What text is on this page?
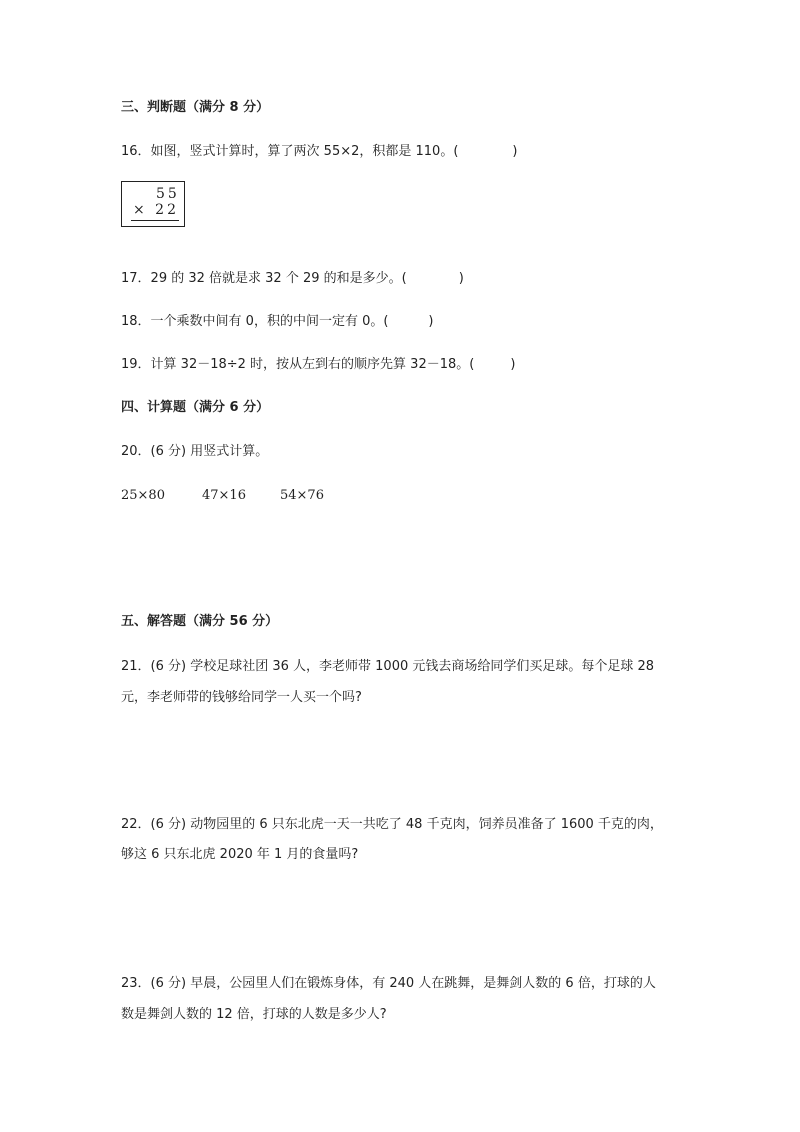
三、判断题（满分 8 分）
16．如图，竖式计算时，算了两次 55×2，积都是 110。(	)
55
× 22
17．29 的 32 倍就是求 32 个 29 的和是多少。(	)
18．一个乘数中间有 0，积的中间一定有 0。(	)
19．计算 32－18÷2 时，按从左到右的顺序先算 32－18。(	)
四、计算题（满分 6 分）
20．(6 分) 用竖式计算。
25×80	47×16	54×76
五、解答题（满分 56 分）
21．(6 分) 学校足球社团 36 人，李老师带 1000 元钱去商场给同学们买足球。每个足球 28
元，李老师带的钱够给同学一人买一个吗?
22．(6 分) 动物园里的 6 只东北虎一天一共吃了 48 千克肉，饲养员准备了 1600 千克的肉，
够这 6 只东北虎 2020 年 1 月的食量吗?
23．(6 分) 早晨，公园里人们在锻炼身体，有 240 人在跳舞，是舞剑人数的 6 倍，打球的人
数是舞剑人数的 12 倍，打球的人数是多少人?
